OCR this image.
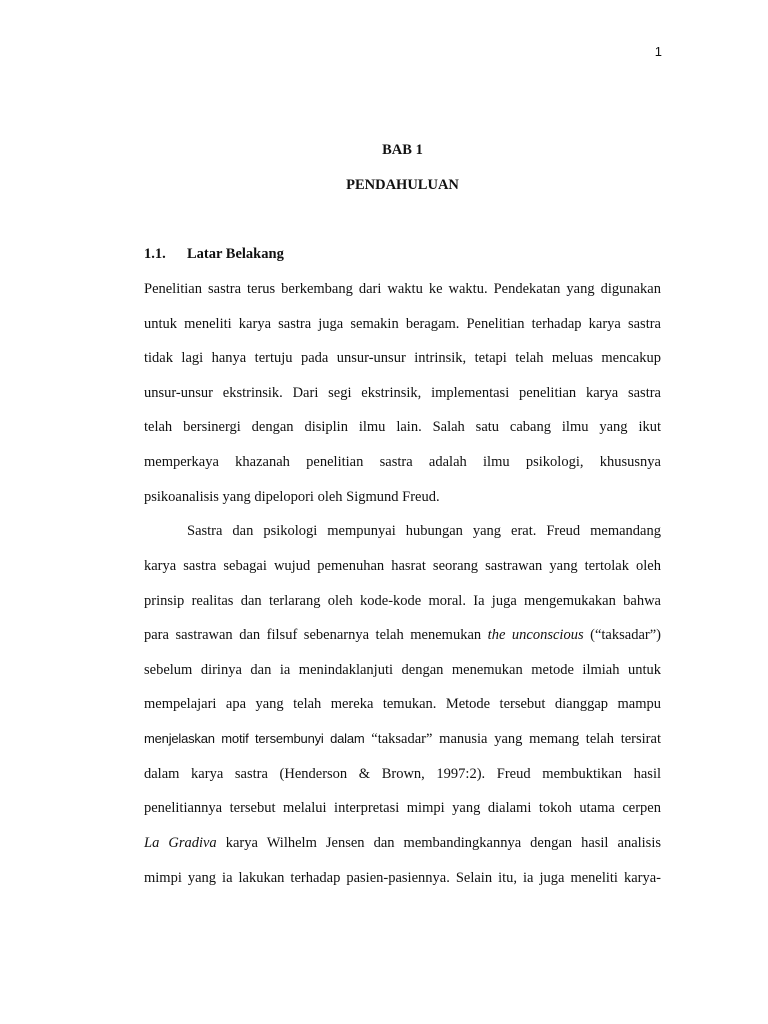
1
BAB 1
PENDAHULUAN
1.1. Latar Belakang
Penelitian sastra terus berkembang dari waktu ke waktu. Pendekatan yang digunakan
untuk meneliti karya sastra juga semakin beragam. Penelitian terhadap karya sastra
tidak lagi hanya tertuju pada unsur-unsur intrinsik, tetapi telah meluas mencakup
unsur-unsur ekstrinsik. Dari segi ekstrinsik, implementasi penelitian karya sastra
telah bersinergi dengan disiplin ilmu lain. Salah satu cabang ilmu yang ikut
memperkaya khazanah penelitian sastra adalah ilmu psikologi, khususnya
psikoanalisis yang dipelopori oleh Sigmund Freud.
Sastra dan psikologi mempunyai hubungan yang erat. Freud memandang
karya sastra sebagai wujud pemenuhan hasrat seorang sastrawan yang tertolak oleh
prinsip realitas dan terlarang oleh kode-kode moral. Ia juga mengemukakan bahwa
para sastrawan dan filsuf sebenarnya telah menemukan the unconscious (“taksadar”)
sebelum dirinya dan ia menindaklanjuti dengan menemukan metode ilmiah untuk
mempelajari apa yang telah mereka temukan. Metode tersebut dianggap mampu
menjelaskan motif tersembunyi dalam “taksadar” manusia yang memang telah tersirat
dalam karya sastra (Henderson & Brown, 1997:2). Freud membuktikan hasil
penelitiannya tersebut melalui interpretasi mimpi yang dialami tokoh utama cerpen
La Gradiva karya Wilhelm Jensen dan membandingkannya dengan hasil analisis
mimpi yang ia lakukan terhadap pasien-pasiennya. Selain itu, ia juga meneliti karya-
